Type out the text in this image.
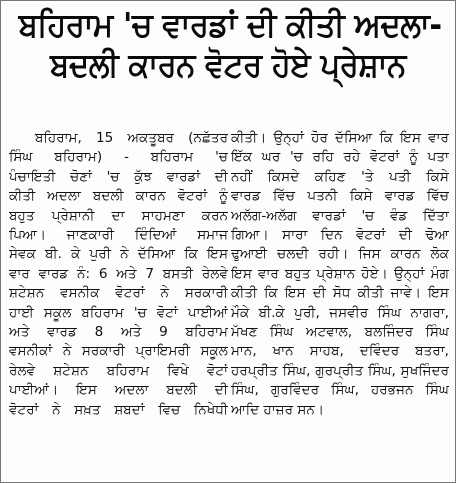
ਬਹਿਰਾਮ 'ਚ ਵਾਰਡਾਂ ਦੀ ਕੀਤੀ ਅਦਲਾ-
ਬਦਲੀ ਕਾਰਨ ਵੋਟਰ ਹੋਏ ਪ੍ਰੇਸ਼ਾਨ
ਬਹਿਰਾਮ, 15 ਅਕਤੂਬਰ (ਨਛੱਤਰ
ਸਿੰਘ ਬਹਿਰਾਮ) - ਬਹਿਰਾਮ 'ਚ
ਪੰਚਾਇਤੀ ਚੋਣਾਂ 'ਚ ਕੁੱਝ ਵਾਰਡਾਂ ਦੀ
ਕੀਤੀ ਅਦਲਾ ਬਦਲੀ ਕਾਰਨ ਵੋਟਰਾਂ ਨੂੰ
ਬਹੁਤ ਪ੍ਰੇਸ਼ਾਨੀ ਦਾ ਸਾਹਮਣਾ ਕਰਨ
ਪਿਆ। ਜਾਣਕਾਰੀ ਦਿੰਦਿਆਂ ਸਮਾਜ
ਸੇਵਕ ਬੀ. ਕੇ ਪੁਰੀ ਨੇ ਦੱਸਿਆ ਕਿ ਇਸ
ਵਾਰ ਵਾਰਡ ਨੰ: 6 ਅਤੇ 7 ਬਸਤੀ ਰੇਲਵੇ
ਸ਼ਟੇਸ਼ਨ ਵਸਨੀਕ ਵੋਟਰਾਂ ਨੇ ਸਰਕਾਰੀ
ਹਾਈ ਸਕੂਲ ਬਹਿਰਾਮ 'ਚ ਵੋਟਾਂ ਪਾਈਆਂ
ਅਤੇ ਵਾਰਡ 8 ਅਤੇ 9 ਬਹਿਰਾਮ
ਵਸਨੀਕਾਂ ਨੇ ਸਰਕਾਰੀ ਪ੍ਰਾਇਮਰੀ ਸਕੂਲ
ਰੇਲਵੇ ਸ਼ਟੇਸ਼ਨ ਬਹਿਰਾਮ ਵਿਖੇ ਵੋਟਾਂ
ਪਾਈਆਂ। ਇਸ ਅਦਲਾ ਬਦਲੀ ਦੀ
ਵੋਟਰਾਂ ਨੇ ਸਖ਼ਤ ਸ਼ਬਦਾਂ ਵਿਚ ਨਿਖੇਧੀ
ਕੀਤੀ। ਉਨ੍ਹਾਂ ਹੋਰ ਦੱਸਿਆ ਕਿ ਇਸ ਵਾਰ
ਇੱਕ ਘਰ 'ਚ ਰਹਿ ਰਹੇ ਵੋਟਰਾਂ ਨੂੰ ਪਤਾ
ਨਹੀਂ ਕਿਸਦੇ ਕਹਿਣ 'ਤੇ ਪਤੀ ਕਿਸੇ
ਵਾਰਡ ਵਿੱਚ ਪਤਨੀ ਕਿਸੇ ਵਾਰਡ ਵਿੱਚ
ਅਲੱਗ-ਅਲੱਗ ਵਾਰਡਾਂ 'ਚ ਵੰਡ ਦਿੱਤਾ
ਗਿਆ। ਸਾਰਾ ਦਿਨ ਵੋਟਰਾਂ ਦੀ ਢੋਆ
ਢੁਆਈ ਚਲਦੀ ਰਹੀ। ਜਿਸ ਕਾਰਨ ਲੋਕ
ਇਸ ਵਾਰ ਬਹੁਤ ਪ੍ਰੇਸ਼ਾਨ ਹੋਏ। ਉਨ੍ਹਾਂ ਮੰਗ
ਕੀਤੀ ਕਿ ਇਸ ਦੀ ਸੋਧ ਕੀਤੀ ਜਾਵੇ। ਇਸ
ਮੌਕੇ ਬੀ.ਕੇ ਪੁਰੀ, ਜਸਵੀਰ ਸਿੰਘ ਨਾਗਰਾ,
ਮੱਖਣ ਸਿੰਘ ਅਟਵਾਲ, ਬਲਜਿੰਦਰ ਸਿੰਘ
ਮਾਨ, ਖਾਨ ਸਾਹਬ, ਦਵਿੰਦਰ ਬਤਰਾ,
ਹਰਪ੍ਰੀਤ ਸਿੰਘ, ਗੁਰਪ੍ਰੀਤ ਸਿੰਘ, ਸੁਖਜਿੰਦਰ
ਸਿੰਘ, ਗੁਰਵਿੰਦਰ ਸਿੰਘ, ਹਰਭਜਨ ਸਿੰਘ
ਆਦਿ ਹਾਜ਼ਰ ਸਨ।
